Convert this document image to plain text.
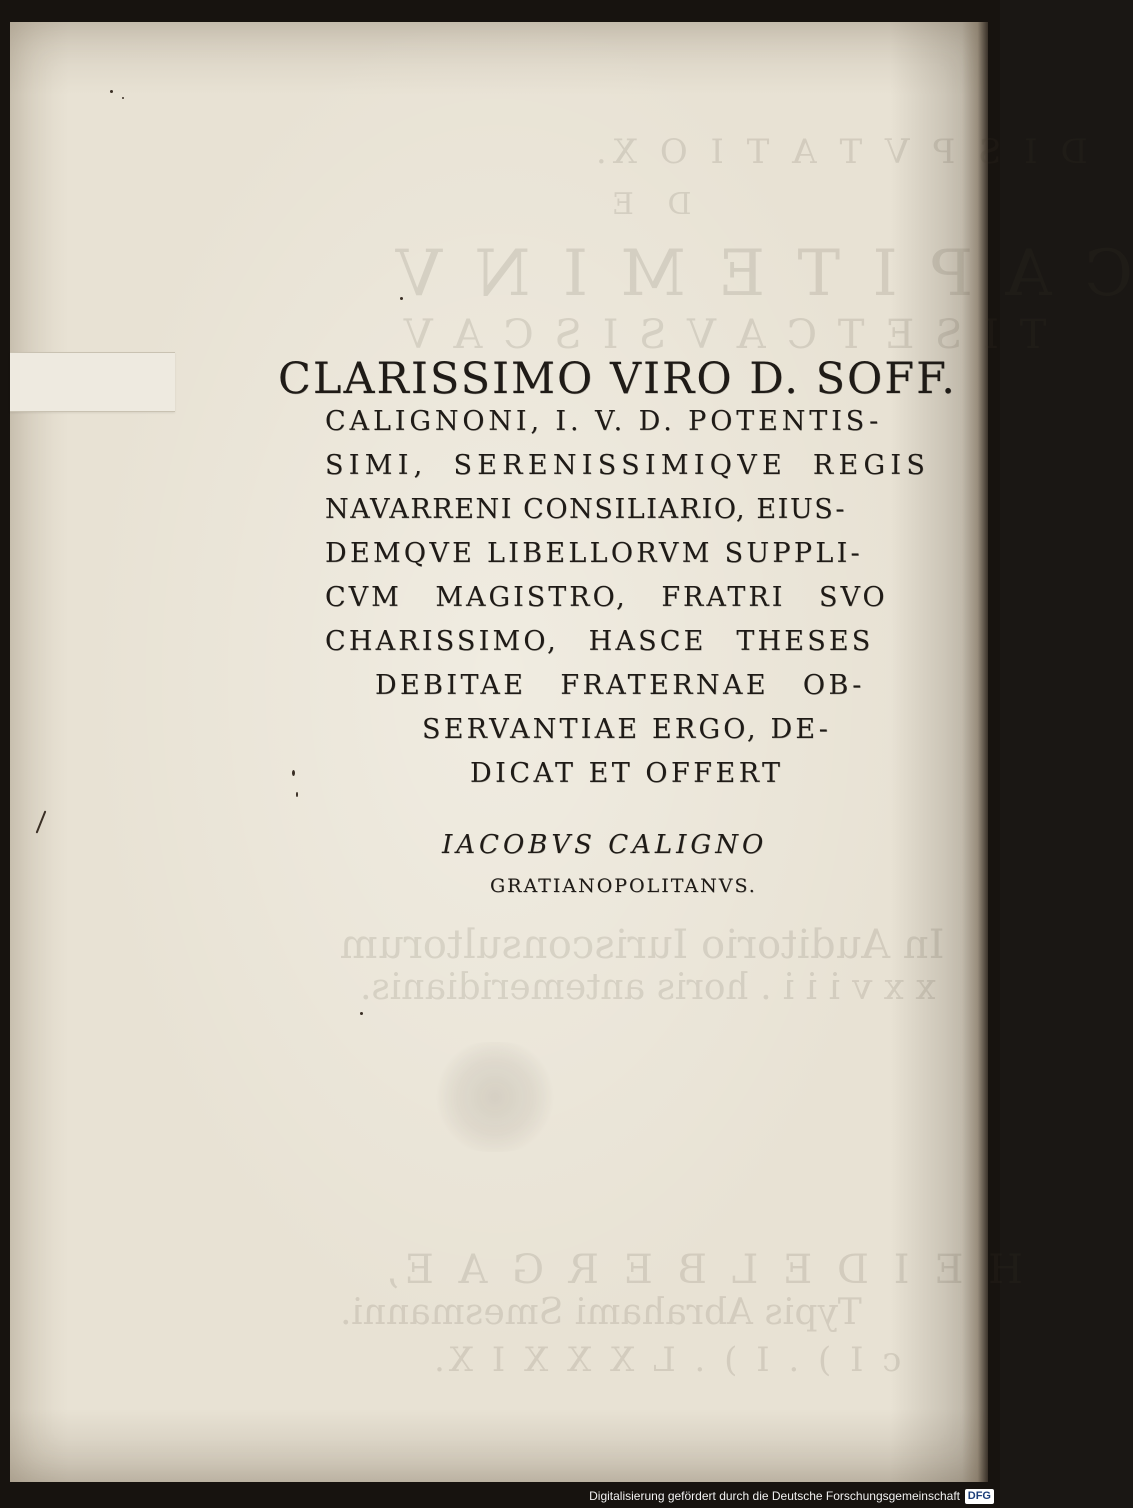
D I S P V T A T I O X.
D E
C A P I T E M I N V
T I S E T C A V S I S C A V
In Auditorio Iurisconsultorum
x x v i i i . horis antemeridianis.
H E I D E L B E R G A E,
Typis Abrahami Smesmanni.
c I ) . I ) . L X X X I X.
CLARISSIMO VIRO D. SOFF.
CALIGNONI, I. V. D. POTENTIS-
SIMI, SERENISSIMIQVE REGIS
NAVARRENI CONSILIARIO, EIUS-
DEMQVE LIBELLORVM SUPPLI-
CVM MAGISTRO, FRATRI SVO
CHARISSIMO, HASCE THESES
DEBITAE FRATERNAE OB-
SERVANTIAE ERGO, DE-
DICAT ET OFFERT
IACOBVS CALIGNO
GRATIANOPOLITANVS.
Digitalisierung gefördert durch die Deutsche Forschungsgemeinschaft DFG
